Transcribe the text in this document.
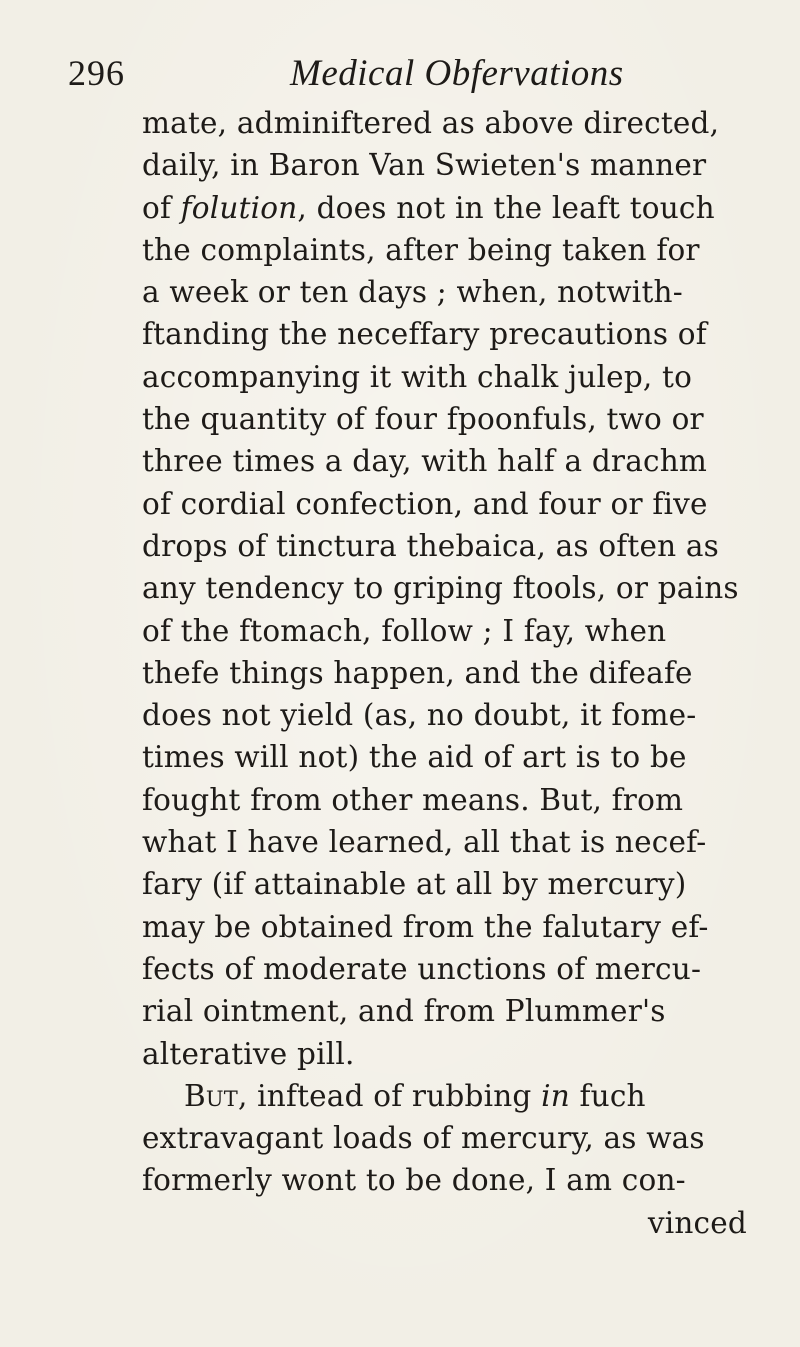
296	Medical Obfervations
mate, adminiftered as above directed,
daily, in Baron Van Swieten's manner
of folution, does not in the leaft touch
the complaints, after being taken for
a week or ten days ; when, notwith-
ftanding the neceffary precautions of
accompanying it with chalk julep, to
the quantity of four fpoonfuls, two or
three times a day, with half a drachm
of cordial confection, and four or five
drops of tinctura thebaica, as often as
any tendency to griping ftools, or pains
of the ftomach, follow ; I fay, when
thefe things happen, and the difeafe
does not yield (as, no doubt, it fome-
times will not) the aid of art is to be
fought from other means. But, from
what I have learned, all that is necef-
fary (if attainable at all by mercury)
may be obtained from the falutary ef-
fects of moderate unctions of mercu-
rial ointment, and from Plummer's
alterative pill.
But, inftead of rubbing in fuch
extravagant loads of mercury, as was
formerly wont to be done, I am con-
vinced
